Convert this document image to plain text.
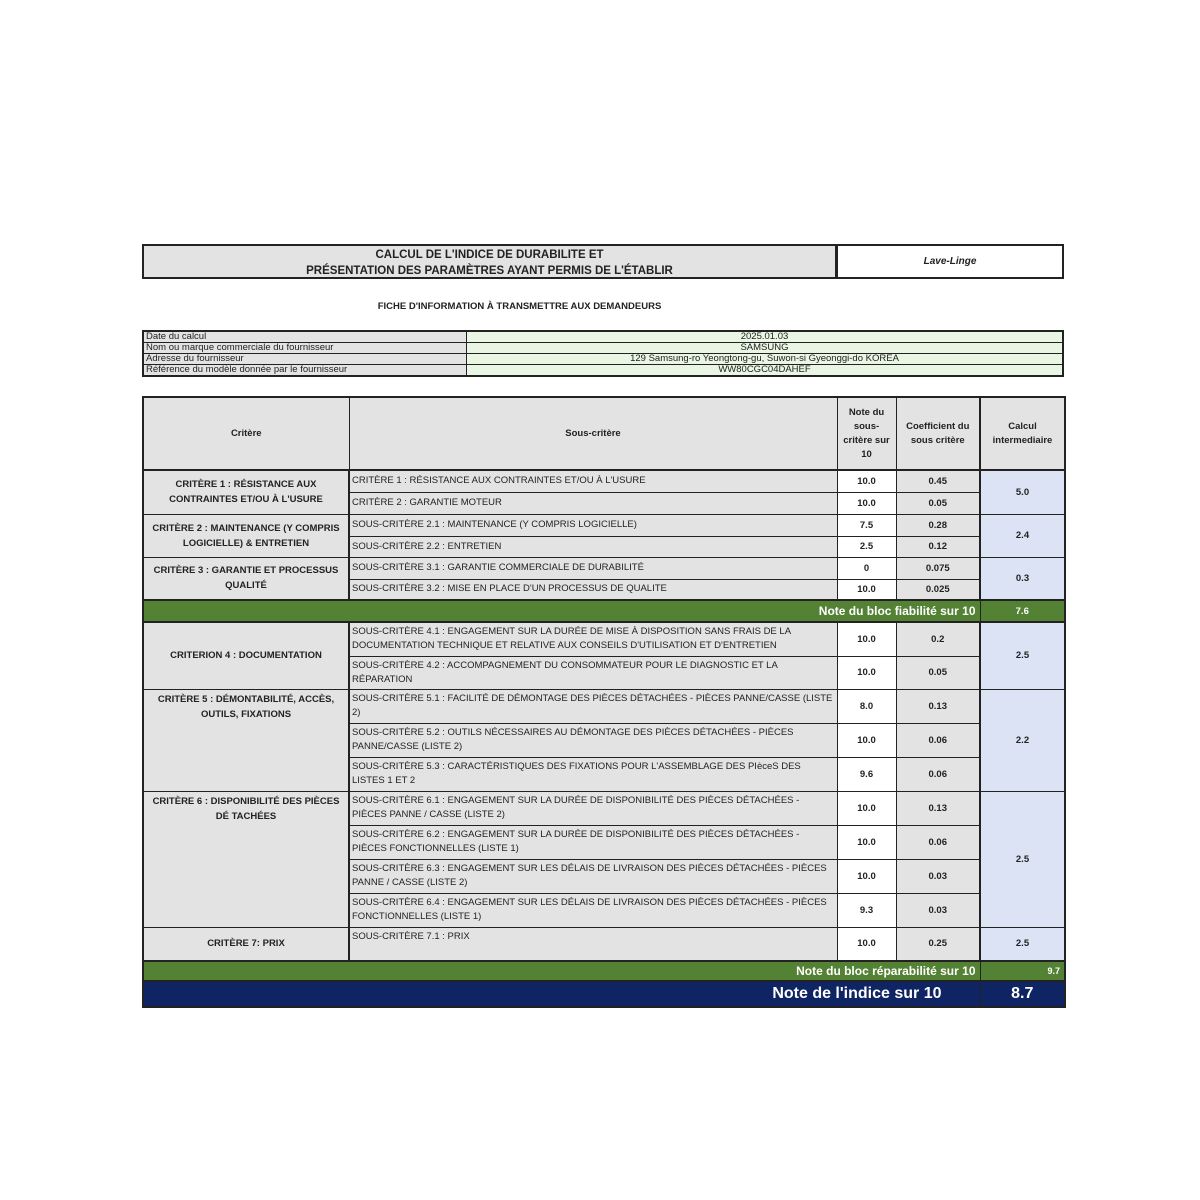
CALCUL DE L'INDICE DE DURABILITE ET
PRÉSENTATION DES PARAMÈTRES AYANT PERMIS DE L'ÉTABLIR
Lave-Linge
FICHE D'INFORMATION À TRANSMETTRE AUX DEMANDEURS
Date du calcul	2025.01.03
Nom ou marque commerciale du fournisseur	SAMSUNG
Adresse du fournisseur	129 Samsung-ro Yeongtong-gu, Suwon-si Gyeonggi-do KOREA
Référence du modèle donnée par le fournisseur	WW80CGC04DAHEF
Critère	Sous-critère	Note du sous-critère sur 10	Coefficient du sous critère	Calcul intermediaire
CRITÈRE 1 : RÉSISTANCE AUX CONTRAINTES ET/OU À L'USURE	CRITÈRE 1 : RÉSISTANCE AUX CONTRAINTES ET/OU À L'USURE	10.0	0.45	5.0
	CRITÈRE 2 : GARANTIE MOTEUR	10.0	0.05	

CRITÈRE 2 : MAINTENANCE (Y COMPRIS LOGICIELLE) & ENTRETIEN	SOUS-CRITÈRE 2.1 : MAINTENANCE (Y COMPRIS LOGICIELLE)	7.5	0.28	2.4
	SOUS-CRITÈRE 2.2 : ENTRETIEN	2.5	0.12	

CRITÈRE 3 : GARANTIE ET PROCESSUS QUALITÉ	SOUS-CRITÈRE 3.1 : GARANTIE COMMERCIALE DE DURABILITÉ	0	0.075	0.3
	SOUS-CRITÈRE 3.2 : MISE EN PLACE D'UN PROCESSUS DE QUALITE	10.0	0.025	
Note du bloc fiabilité sur 10				7.6
CRITERION 4 : DOCUMENTATION	SOUS-CRITÈRE 4.1 : ENGAGEMENT SUR LA DURÉE DE MISE À DISPOSITION SANS FRAIS DE LA DOCUMENTATION TECHNIQUE ET RELATIVE AUX CONSEILS D'UTILISATION ET D'ENTRETIEN	10.0	0.2	2.5
	SOUS-CRITÈRE 4.2 : ACCOMPAGNEMENT DU CONSOMMATEUR POUR LE DIAGNOSTIC ET LA RÉPARATION	10.0	0.05	
CRITÈRE 5 : DÉMONTABILITÉ, ACCÈS, OUTILS, FIXATIONS	SOUS-CRITÈRE 5.1 : FACILITÉ DE DÉMONTAGE DES PIÈCES DÉTACHÉES - PIÈCES PANNE/CASSE (LISTE 2)	8.0	0.13	2.2
	SOUS-CRITÈRE 5.2 : OUTILS NÉCESSAIRES AU DÉMONTAGE DES PIÈCES DÉTACHÉES - PIÈCES PANNE/CASSE (LISTE 2)	10.0	0.06	
	SOUS-CRITÈRE 5.3 : CARACTÉRISTIQUES DES FIXATIONS POUR L'ASSEMBLAGE DES PIèceS DES LISTES 1 ET 2	9.6	0.06	
CRITÈRE 6 : DISPONIBILITÉ DES PIÈCES DÉ TACHÉES	SOUS-CRITÈRE 6.1 : ENGAGEMENT SUR LA DURÉE DE DISPONIBILITÉ DES PIÈCES DÉTACHÉES - PIÈCES PANNE / CASSE (LISTE 2)	10.0	0.13	2.5
	SOUS-CRITÈRE 6.2 : ENGAGEMENT SUR LA DURÉE DE DISPONIBILITÉ DES PIÈCES DÉTACHÉES - PIÈCES FONCTIONNELLES (LISTE 1)	10.0	0.06	
	SOUS-CRITÈRE 6.3 : ENGAGEMENT SUR LES DÉLAIS DE LIVRAISON DES PIÈCES DÉTACHÉES - PIÈCES PANNE / CASSE (LISTE 2)	10.0	0.03	
	SOUS-CRITÈRE 6.4 : ENGAGEMENT SUR LES DÉLAIS DE LIVRAISON DES PIÈCES DÉTACHÉES - PIÈCES FONCTIONNELLES (LISTE 1)	9.3	0.03	
CRITÈRE 7: PRIX	SOUS-CRITÈRE 7.1 : PRIX	10.0	0.25	2.5
Note du bloc réparabilité sur 10				9.7
Note de l'indice sur 10				8.7
